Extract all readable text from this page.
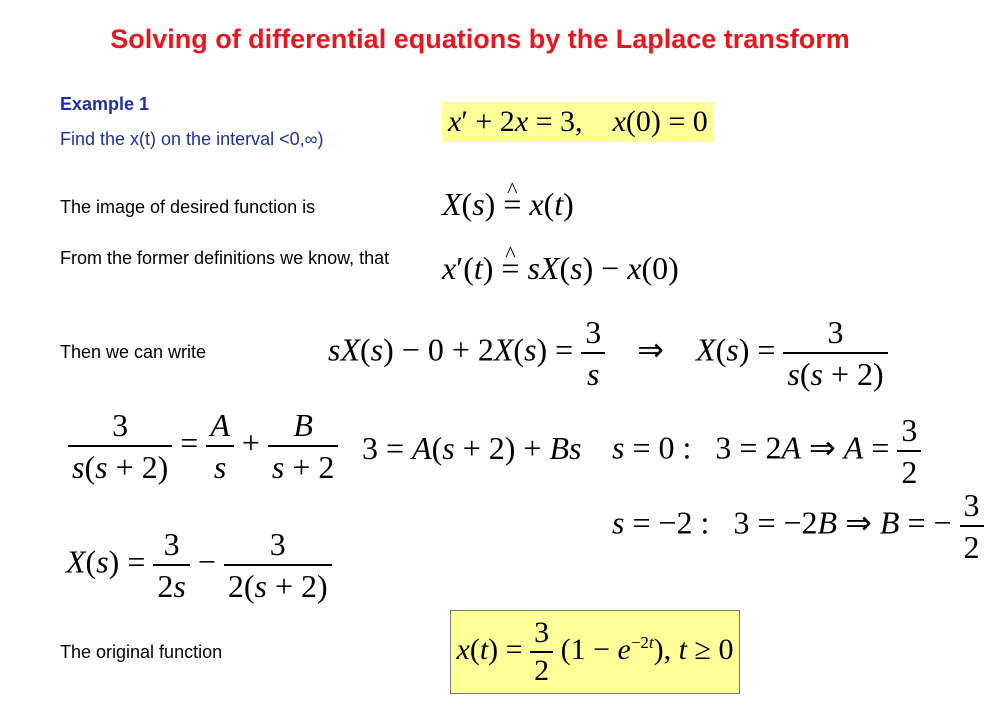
Solving of differential equations by the Laplace transform
Example 1
Find the x(t) on the interval <0,∞)
x′ + 2x = 3,    x(0) = 0
The image of desired function is	X(s) = ^ x(t)
From the former definitions we know, that x′(t) = ^ sX(s) − x(0)
Then we can write	$sX(s) - 0 + 2X(s) = \frac{3}{s}$ ⇒    $X(s) = \frac{3}{s(s + 2)}$
$\frac{3}{s(s + 2)} = \frac{A}{s} + \frac{B}{s + 2} 3 = A(s + 2) + Bs$ s = 0 :   3 = 2A ⇒ $A = \frac{3}{2}$
s = −2 :   3 = −2B ⇒ B = − $\frac{3}{2}$
$X(s) = \frac{3}{2s} - \frac{3}{2(s + 2)}$
The original function	$x(t) = \frac{3}{2} (1 - e^{-2t})$, t ≥ 0
